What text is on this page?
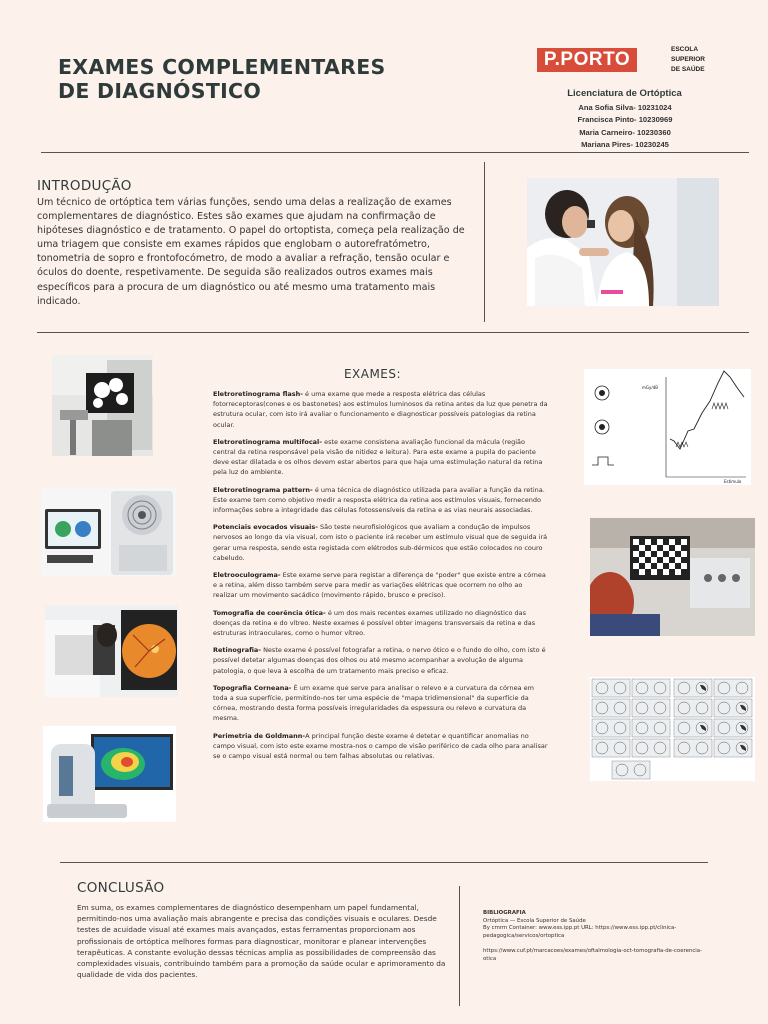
EXAMES COMPLEMENTARES
DE DIAGNÓSTICO
P.PORTO	ESCOLA
SUPERIOR
DE SAÚDE
Licenciatura de Ortóptica
Ana Sofia Silva- 10231024
Francisca Pinto- 10230969
Maria Carneiro- 10230360
Mariana Pires- 10230245
INTRODUÇÃO
Um técnico de ortóptica tem várias funções, sendo uma delas a realização de exames complementares de diagnóstico. Estes são exames que ajudam na confirmação de hipóteses diagnóstico e de tratamento. O papel do ortoptista, começa pela realização de uma triagem que consiste em exames rápidos que englobam o autorefratómetro, tonometria de sopro e frontofocómetro, de modo a avaliar a refração, tensão ocular e óculos do doente, respetivamente. De seguida são realizados outros exames mais específicos para a procura de um diagnóstico ou até mesmo uma tratamento mais indicado.
EXAMES:

Eletroretinograma flash- é uma exame que mede a resposta elétrica das células fotorreceptoras(cones e os bastonetes) aos estímulos luminosos da retina antes da luz que penetra da estrutura ocular, com isto irá avaliar o funcionamento e diagnosticar possíveis patologias da retina ocular.

Eletroretinograma multifocal- este exame consistena avaliação funcional da mácula (região central da retina responsável pela visão de nitidez e leitura). Para este exame a pupila do paciente deve estar dilatada e os olhos devem estar abertos para que haja uma estimulação natural da retina pela luz do ambiente.

Eletroretinograma pattern- é uma técnica de diagnóstico utilizada para avaliar a função da retina. Este exame tem como objetivo medir a resposta elétrica da retina aos estímulos visuais, fornecendo informações sobre a integridade das células fotossensíveis da retina e as vias neurais associadas.

Potenciais evocados visuais- São teste neurofisiológicos que avaliam a condução de impulsos nervosos ao longo da via visual, com isto o paciente irá receber um estímulo visual que de seguida irá gerar uma resposta, sendo esta registada com elétrodos sub-dérmicos que estão colocados no couro cabeludo.

Eletrooculograma- Este exame serve para registar a diferença de "poder" que existe entre a córnea e a retina, além disso também serve para medir as variações elétricas que ocorrem no olho ao realizar um movimento sacádico (movimento rápido, brusco e preciso).

Tomografia de coerência ótica- é um dos mais recentes exames utilizado no diagnóstico das doenças da retina e do vítreo. Neste exames é possível obter imagens transversais da retina e das estruturas intraoculares, como o humor vítreo.

Retinografia- Neste exame é possível fotografar a retina, o nervo ótico e o fundo do olho, com isto é possível detetar algumas doenças dos olhos ou até mesmo acompanhar a evolução de alguma patologia, o que leva à escolha de um tratamento mais preciso e eficaz.

Topografia Corneana- É um exame que serve para analisar o relevo e a curvatura da córnea em toda a sua superfície, permitindo-nos ter uma espécie de "mapa tridimensional" da superfície da córnea, mostrando desta forma possíveis irregularidades da espessura ou relevo e curvatura da mesma.

Perimetria de Goldmann-A principal função deste exame é detetar e quantificar anomalias no campo visual, com isto este exame mostra-nos o campo de visão periférico de cada olho para analisar se o campo visual está normal ou tem falhas absolutas ou relativas.

Estimulo
mGy/dB
CONCLUSÃO
Em suma, os exames complementares de diagnóstico desempenham um papel fundamental, permitindo-nos uma avaliação mais abrangente e precisa das condições visuais e oculares. Desde testes de acuidade visual até exames mais avançados, estas ferramentas proporcionam aos profissionais de ortóptica melhores formas para diagnosticar, monitorar e planear intervenções terapêuticas. A constante evolução dessas técnicas amplia as possibilidades de compreensão das complexidades visuais, contribuindo também para a promoção da saúde ocular e aprimoramento da qualidade de vida dos pacientes.
BIBLIOGRAFIA
Ortóptica — Escola Superior de Saúde
By cmrm Container: www.ess.ipp.pt URL: https://www.ess.ipp.pt/clinica-pedagogica/servicos/ortoptica
https://www.cuf.pt/marcacoes/exames/oftalmologia-oct-tomografia-de-coerencia-otica
